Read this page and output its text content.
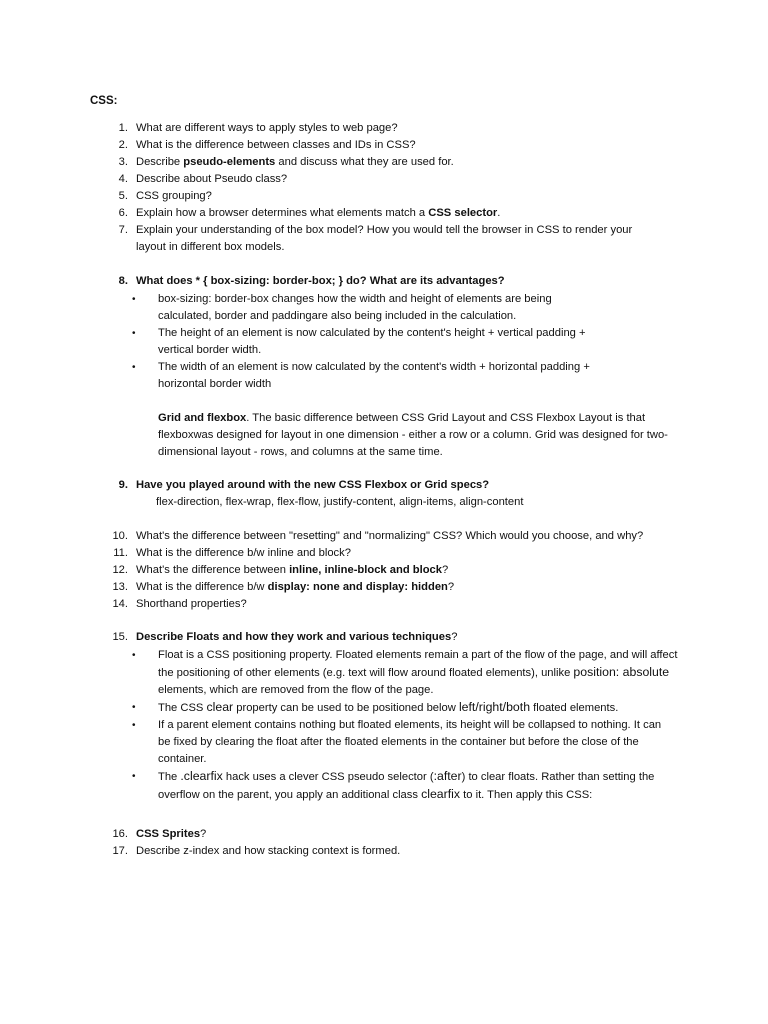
CSS:
1. What are different ways to apply styles to web page?
2. What is the difference between classes and IDs in CSS?
3. Describe pseudo-elements and discuss what they are used for.
4. Describe about Pseudo class?
5. CSS grouping?
6. Explain how a browser determines what elements match a CSS selector.
7. Explain your understanding of the box model? How you would tell the browser in CSS to render your layout in different box models.
8. What does * { box-sizing: border-box; } do? What are its advantages?
• box-sizing: border-box changes how the width and height of elements are being calculated, border and paddingare also being included in the calculation.
• The height of an element is now calculated by the content's height + vertical padding + vertical border width.
• The width of an element is now calculated by the content's width + horizontal padding + horizontal border width
Grid and flexbox. The basic difference between CSS Grid Layout and CSS Flexbox Layout is that flexboxwas designed for layout in one dimension - either a row or a column. Grid was designed for two-dimensional layout - rows, and columns at the same time.
9. Have you played around with the new CSS Flexbox or Grid specs?
flex-direction, flex-wrap, flex-flow, justify-content, align-items, align-content
10. What's the difference between "resetting" and "normalizing" CSS? Which would you choose, and why?
11. What is the difference b/w inline and block?
12. What's the difference between inline, inline-block and block?
13. What is the difference b/w display: none and display: hidden?
14. Shorthand properties?
15. Describe Floats and how they work and various techniques?
• Float is a CSS positioning property. Floated elements remain a part of the flow of the page, and will affect the positioning of other elements (e.g. text will flow around floated elements), unlike position: absolute elements, which are removed from the flow of the page.
• The CSS clear property can be used to be positioned below left/right/both floated elements.
• If a parent element contains nothing but floated elements, its height will be collapsed to nothing. It can be fixed by clearing the float after the floated elements in the container but before the close of the container.
• The .clearfix hack uses a clever CSS pseudo selector (:after) to clear floats. Rather than setting the overflow on the parent, you apply an additional class clearfix to it. Then apply this CSS:
16. CSS Sprites?
17. Describe z-index and how stacking context is formed.
